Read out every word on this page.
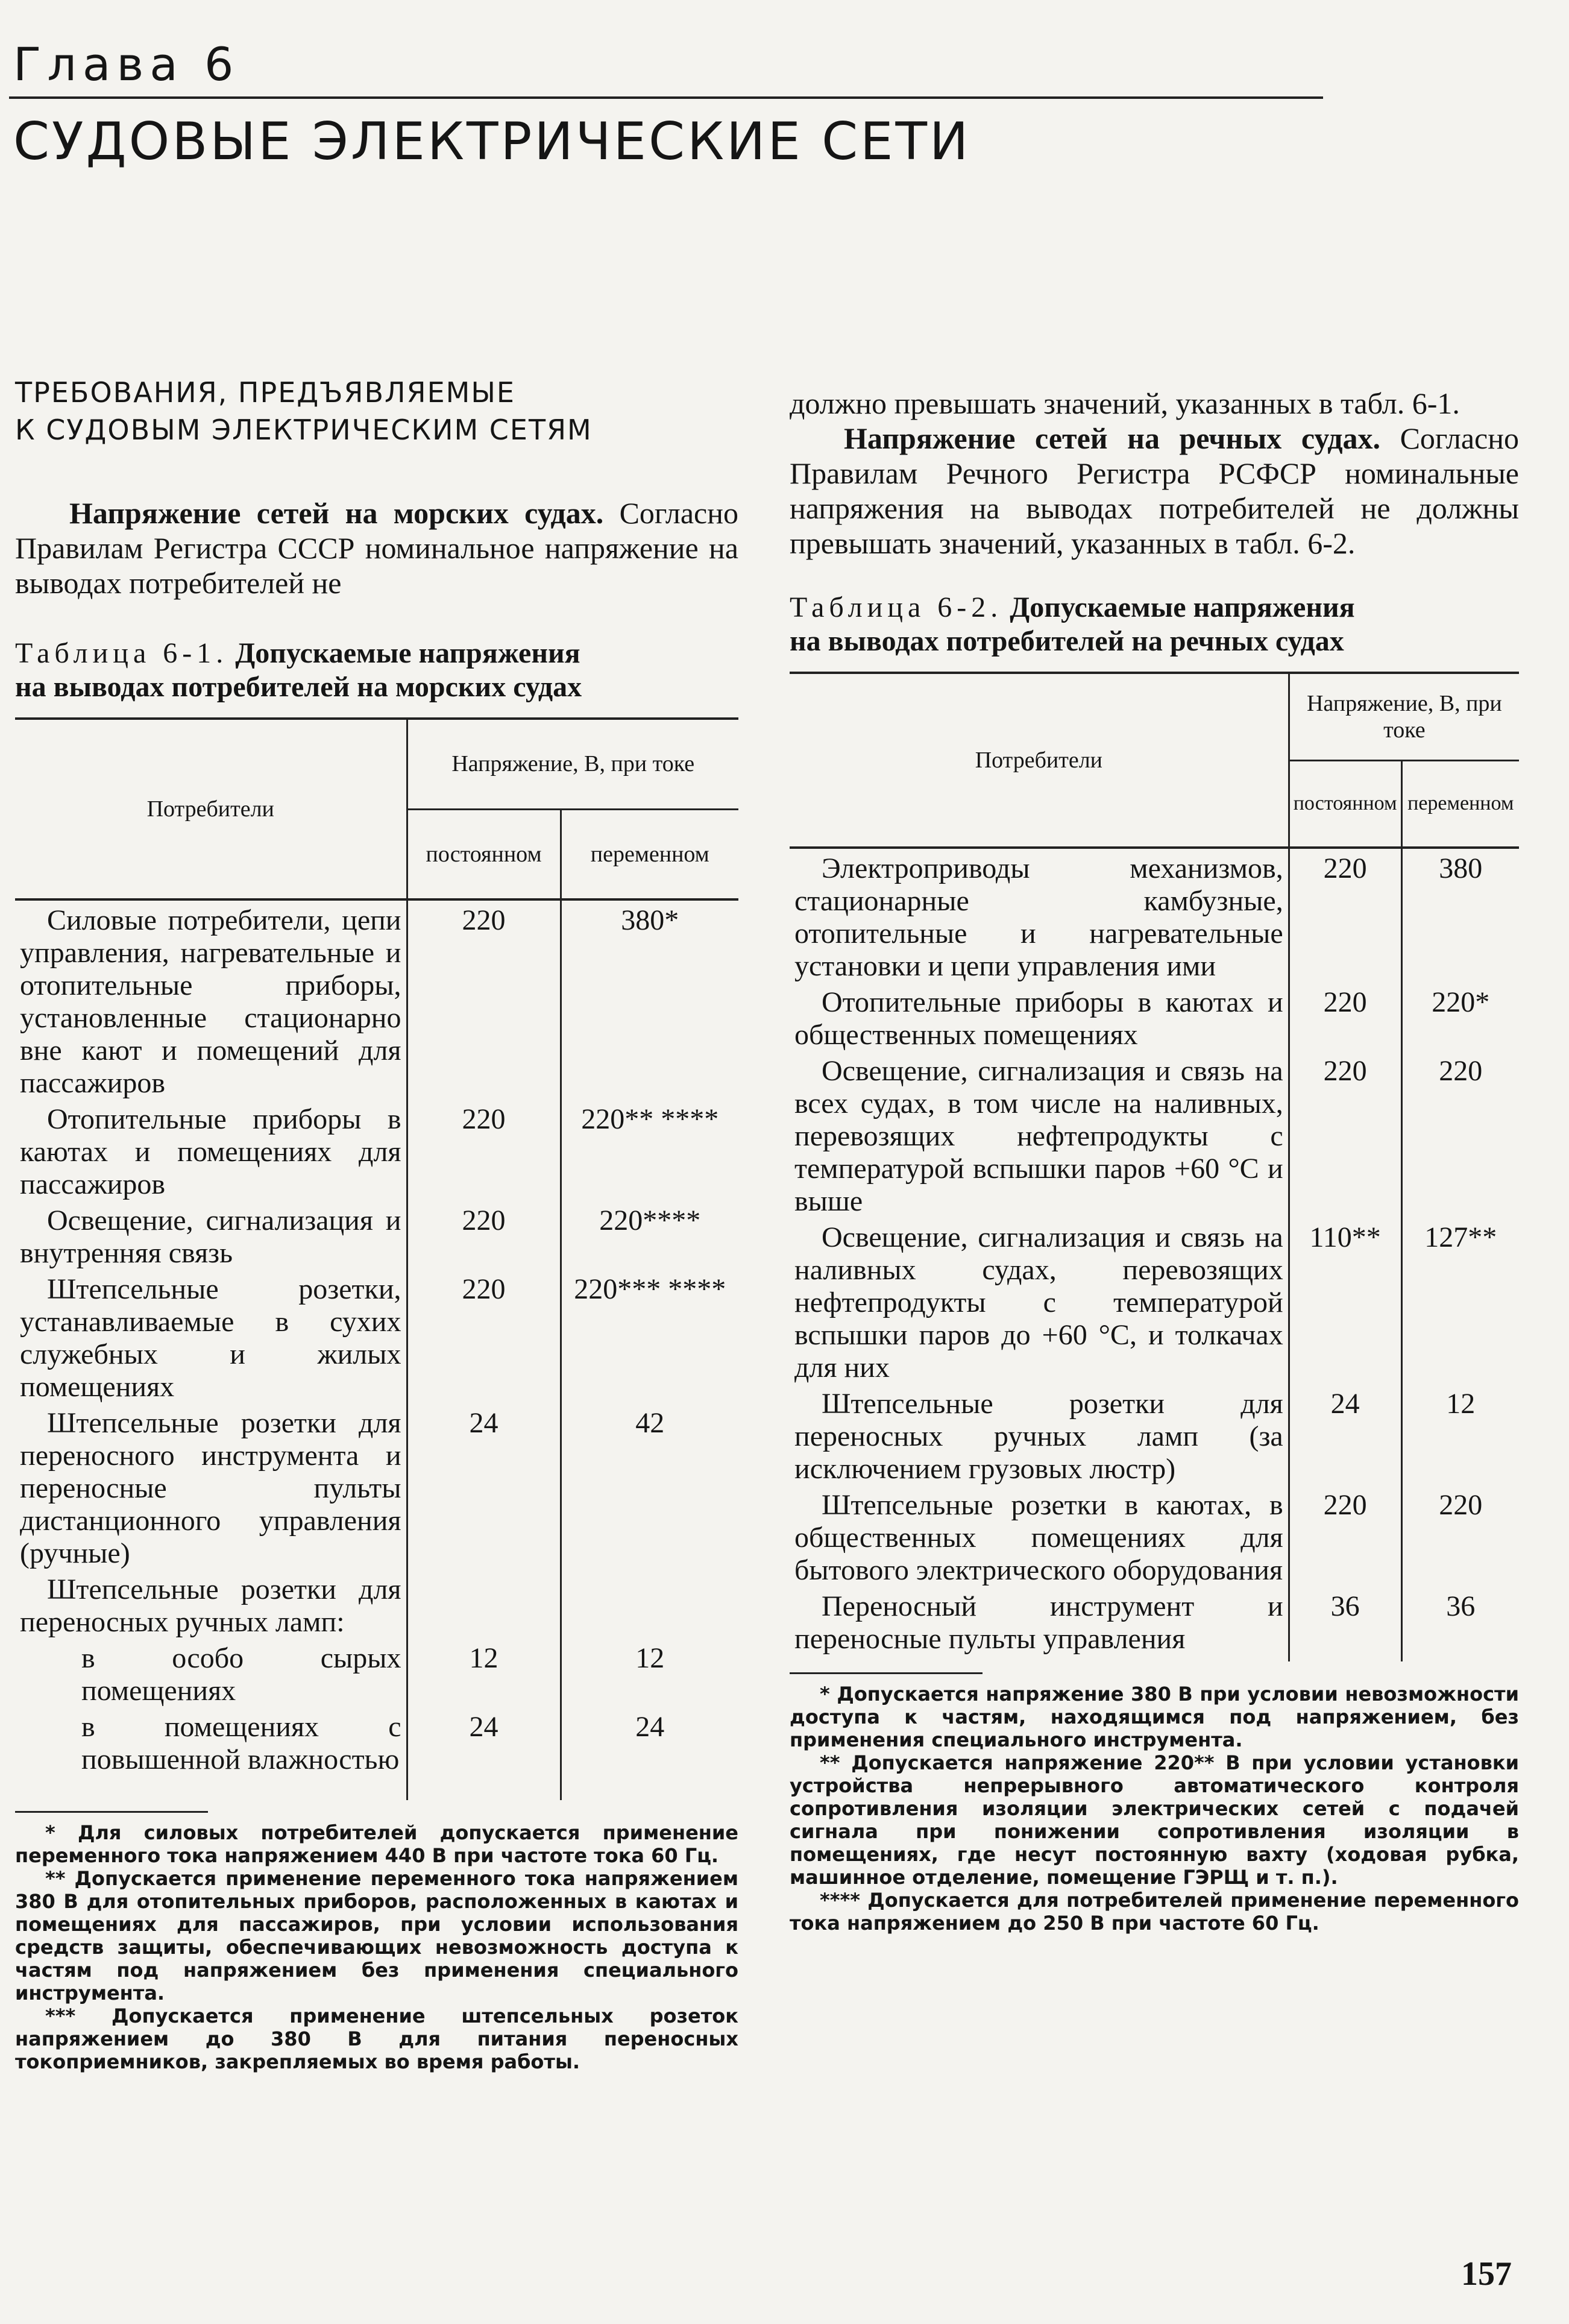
Глава 6
СУДОВЫЕ ЭЛЕКТРИЧЕСКИЕ СЕТИ
ТРЕБОВАНИЯ, ПРЕДЪЯВЛЯЕМЫЕ
К СУДОВЫМ ЭЛЕКТРИЧЕСКИМ СЕТЯМ

Напряжение сетей на морских судах. Согласно Правилам Регистра СССР номинальное напряжение на выводах потребителей не

Таблица 6-1. Допускаемые напряжения
на выводах потребителей на морских судах

Потребители	Напряжение, В, при токе	
	постоянном	переменном
Силовые потребители, цепи управления, нагревательные и отопительные приборы, установленные стационарно вне кают и помещений для пассажиров	220	380*
Отопительные приборы в каютах и помещениях для пассажиров	220	220** ****
Освещение, сигнализация и внутренняя связь	220	220****
Штепсельные розетки, устанавливаемые в сухих служебных и жилых помещениях	220	220*** ****
Штепсельные розетки для переносного инструмента и переносные пульты дистанционного управления (ручные)	24	42
Штепсельные розетки для переносных ручных ламп:		
в особо сырых помещениях	12	12
в помещениях с повышенной влажностью	24	24

* Для силовых потребителей допускается применение переменного тока напряжением 440 В при частоте тока 60 Гц.

** Допускается применение переменного тока напряжением 380 В для отопительных приборов, расположенных в каютах и помещениях для пассажиров, при условии использования средств защиты, обеспечивающих невозможность доступа к частям под напряжением без применения специального инструмента.

*** Допускается применение штепсельных розеток напряжением до 380 В для питания переносных токоприемников, закрепляемых во время работы.

должно превышать значений, указанных в табл. 6-1.

Напряжение сетей на речных судах. Согласно Правилам Речного Регистра РСФСР номинальные напряжения на выводах потребителей не должны превышать значений, указанных в табл. 6-2.

Таблица 6-2. Допускаемые напряжения
на выводах потребителей на речных судах

Потребители	Напряжение, В, при токе	
	постоянном	переменном
Электроприводы механизмов, стационарные камбузные, отопительные и нагревательные установки и цепи управления ими	220	380
Отопительные приборы в каютах и общественных помещениях	220	220*
Освещение, сигнализация и связь на всех судах, в том числе на наливных, перевозящих нефтепродукты с температурой вспышки паров +60 °С и выше	220	220
Освещение, сигнализация и связь на наливных судах, перевозящих нефтепродукты с температурой вспышки паров до +60 °С, и толкачах для них	110**	127**
Штепсельные розетки для переносных ручных ламп (за исключением грузовых люстр)	24	12
Штепсельные розетки в каютах, в общественных помещениях для бытового электрического оборудования	220	220
Переносный инструмент и переносные пульты управления	36	36

* Допускается напряжение 380 В при условии невозможности доступа к частям, находящимся под напряжением, без применения специального инструмента.

** Допускается напряжение 220** В при условии установки устройства непрерывного автоматического контроля сопротивления изоляции электрических сетей с подачей сигнала при понижении сопротивления изоляции в помещениях, где несут постоянную вахту (ходовая рубка, машинное отделение, помещение ГЭРЩ и т. п.).

**** Допускается для потребителей применение переменного тока напряжением до 250 В при частоте 60 Гц.

157
